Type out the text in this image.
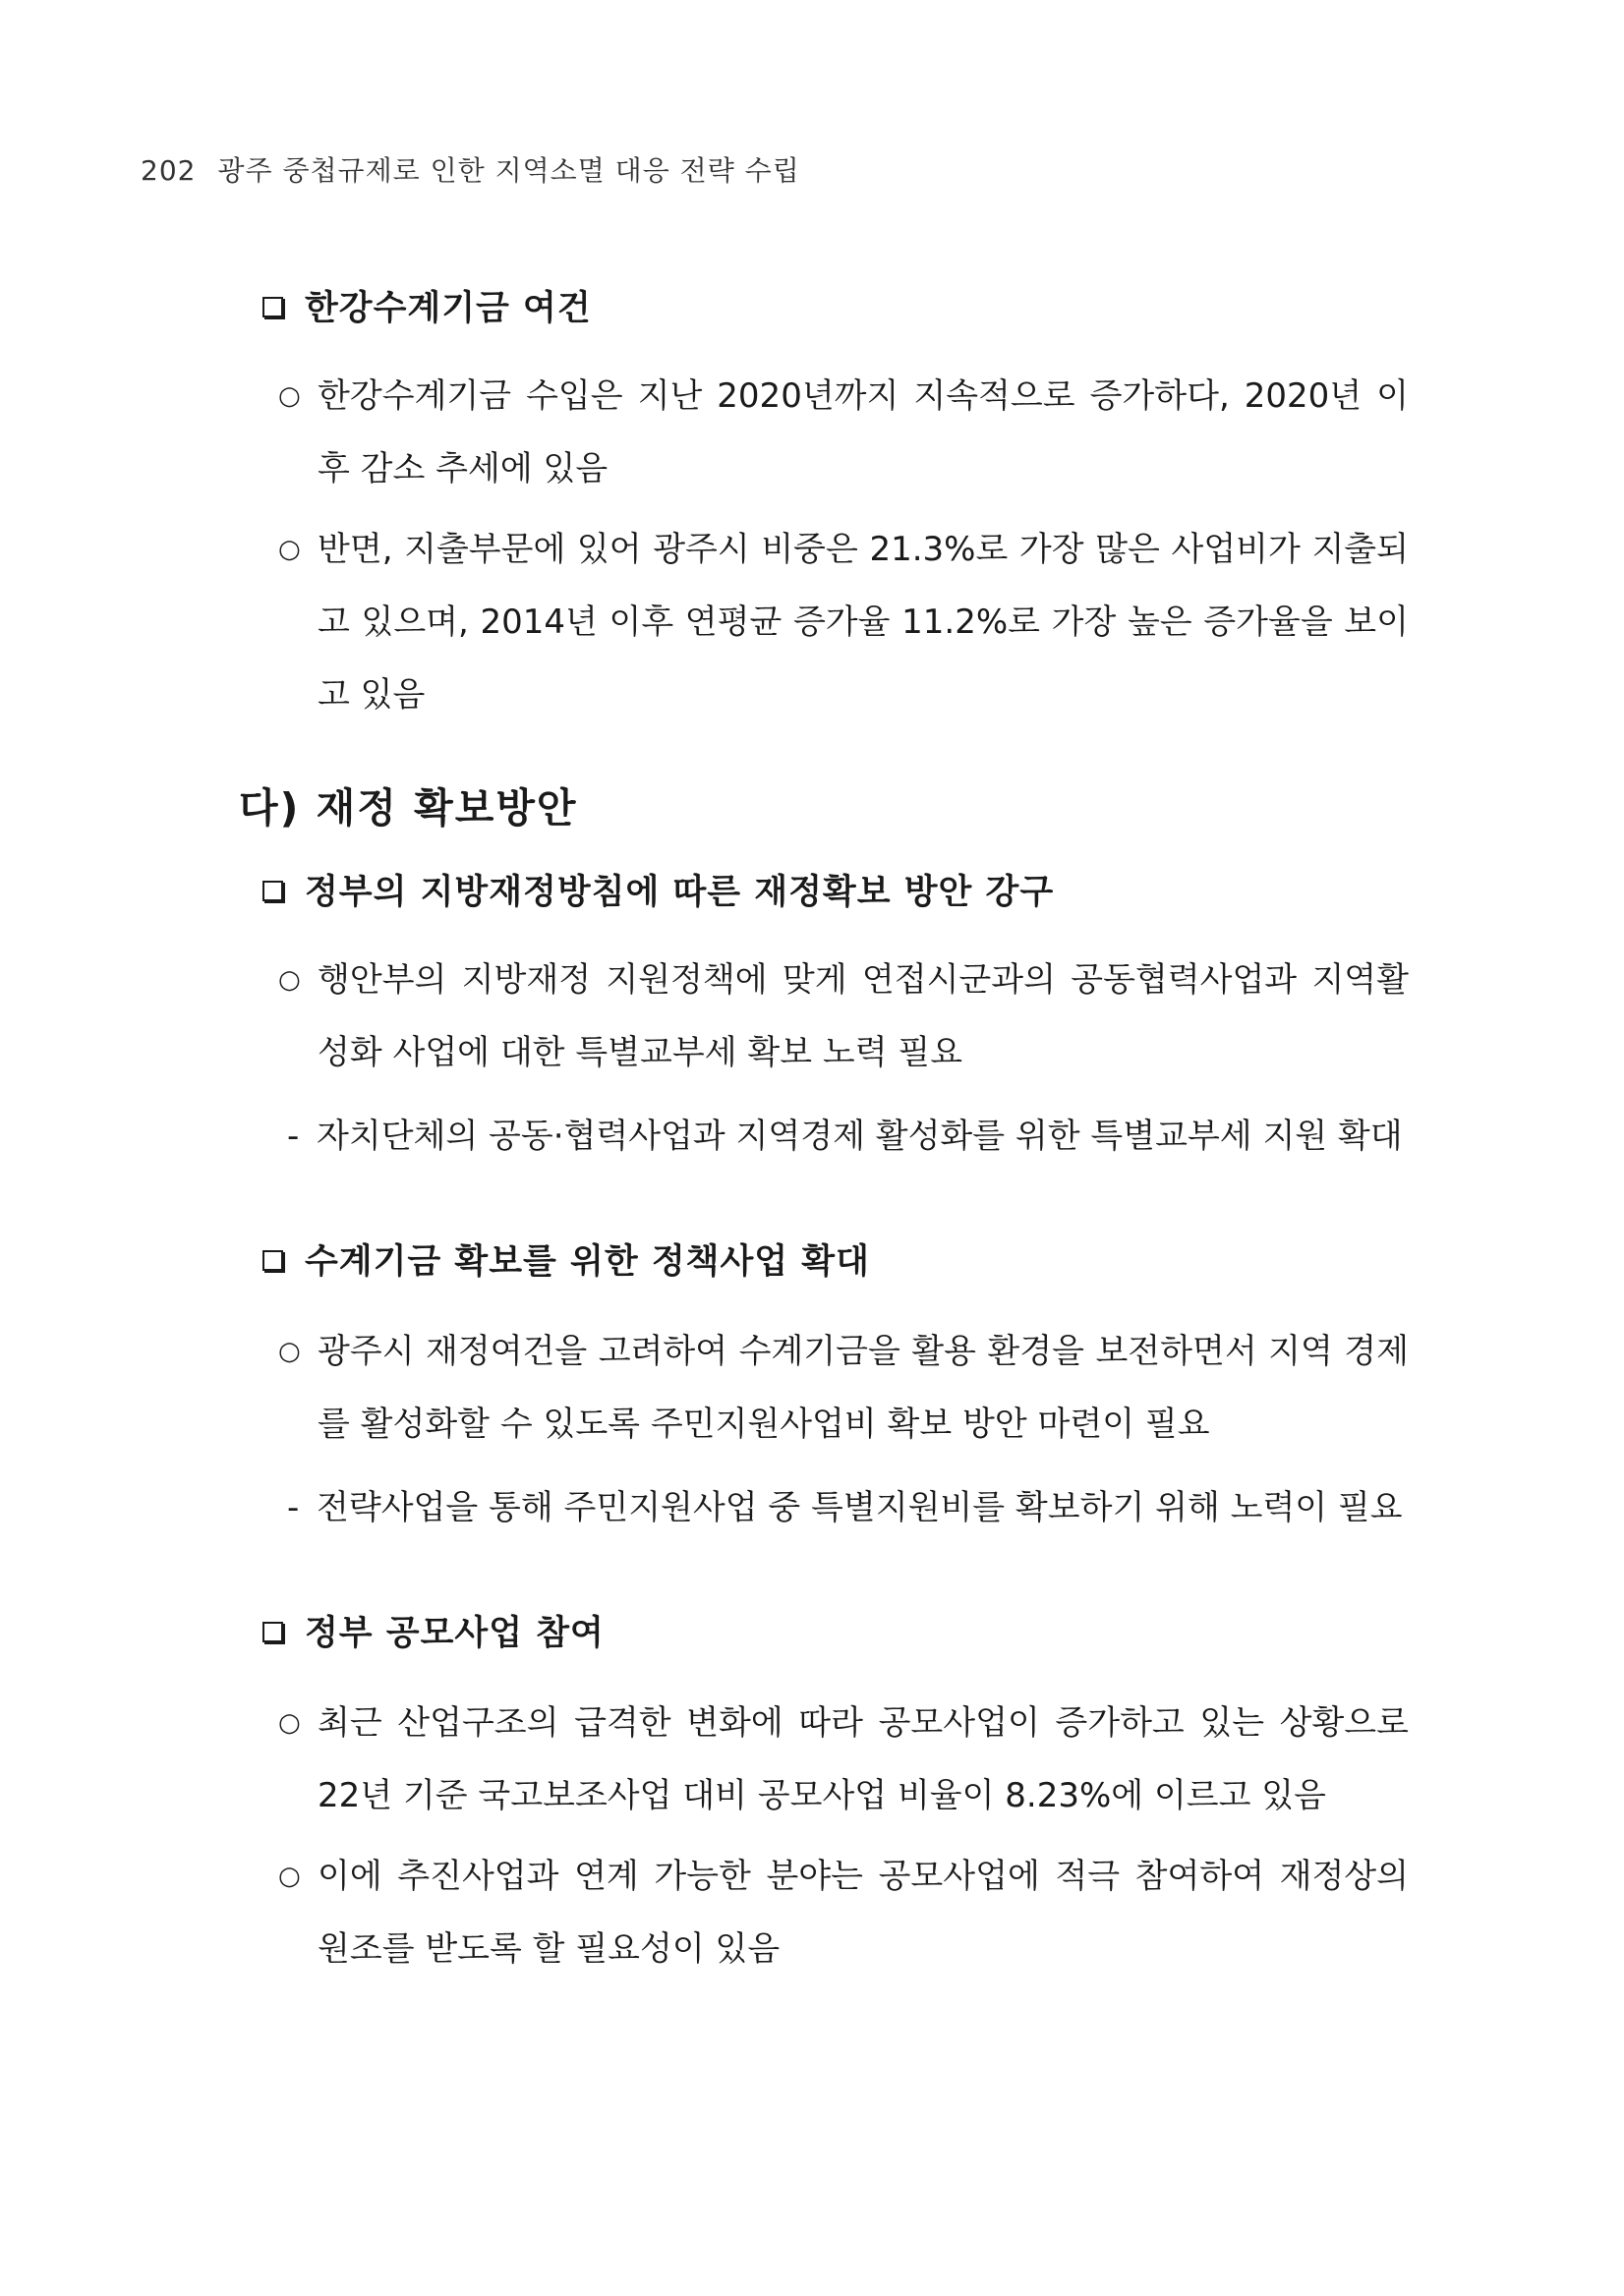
202 광주 중첩규제로 인한 지역소멸 대응 전략 수립
한강수계기금 여건
○ 한강수계기금 수입은 지난 2020년까지 지속적으로 증가하다, 2020년 이후 감소 추세에 있음
○ 반면, 지출부문에 있어 광주시 비중은 21.3%로 가장 많은 사업비가 지출되고 있으며, 2014년 이후 연평균 증가율 11.2%로 가장 높은 증가율을 보이고 있음
다) 재정 확보방안
정부의 지방재정방침에 따른 재정확보 방안 강구
○ 행안부의 지방재정 지원정책에 맞게 연접시군과의 공동협력사업과 지역활성화 사업에 대한 특별교부세 확보 노력 필요
- 자치단체의 공동·협력사업과 지역경제 활성화를 위한 특별교부세 지원 확대
수계기금 확보를 위한 정책사업 확대
○ 광주시 재정여건을 고려하여 수계기금을 활용 환경을 보전하면서 지역 경제를 활성화할 수 있도록 주민지원사업비 확보 방안 마련이 필요
- 전략사업을 통해 주민지원사업 중 특별지원비를 확보하기 위해 노력이 필요
정부 공모사업 참여
○ 최근 산업구조의 급격한 변화에 따라 공모사업이 증가하고 있는 상황으로 22년 기준 국고보조사업 대비 공모사업 비율이 8.23%에 이르고 있음
○ 이에 추진사업과 연계 가능한 분야는 공모사업에 적극 참여하여 재정상의 원조를 받도록 할 필요성이 있음
